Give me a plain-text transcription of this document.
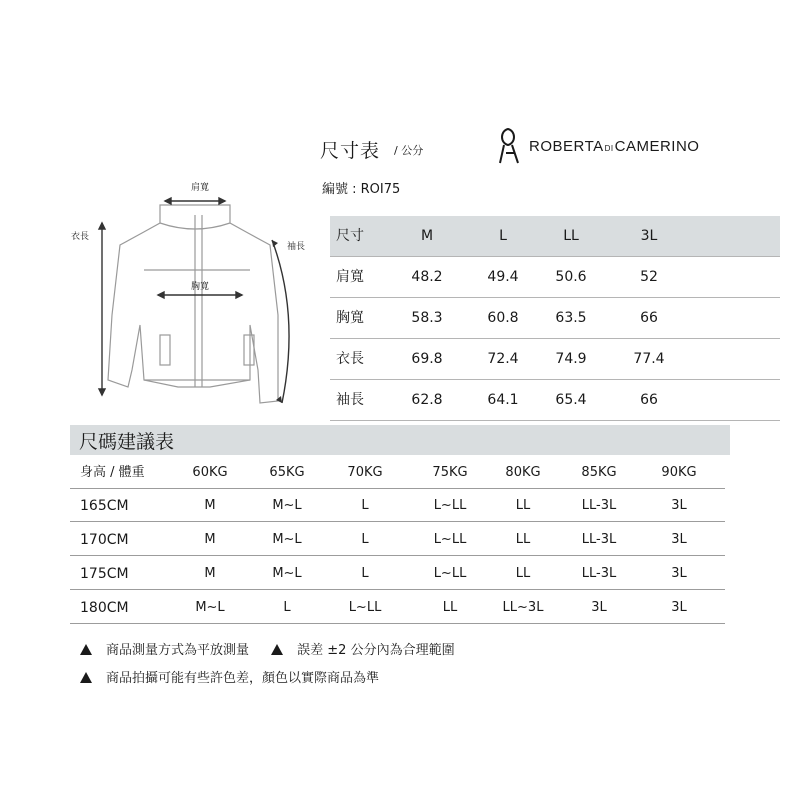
尺寸表 / 公分	ROBERTADICAMERINO
編號 : ROI75
肩寬
胸寬
衣長
袖長
尺寸	M	L	LL	3L
肩寬	48.2	49.4	50.6	52
胸寬	58.3	60.8	63.5	66
衣長	69.8	72.4	74.9	77.4
袖長	62.8	64.1	65.4	66
尺碼建議表
身高 / 體重	60KG	65KG	70KG	75KG	80KG	85KG	90KG
165CM	M	M~L	L	L~LL	LL	LL-3L	3L
170CM	M	M~L	L	L~LL	LL	LL-3L	3L
175CM	M	M~L	L	L~LL	LL	LL-3L	3L
180CM	M~L	L	L~LL	LL	LL~3L	3L	3L
商品測量方式為平放測量	誤差 ±2 公分內為合理範圍
商品拍攝可能有些許色差，顏色以實際商品為準
